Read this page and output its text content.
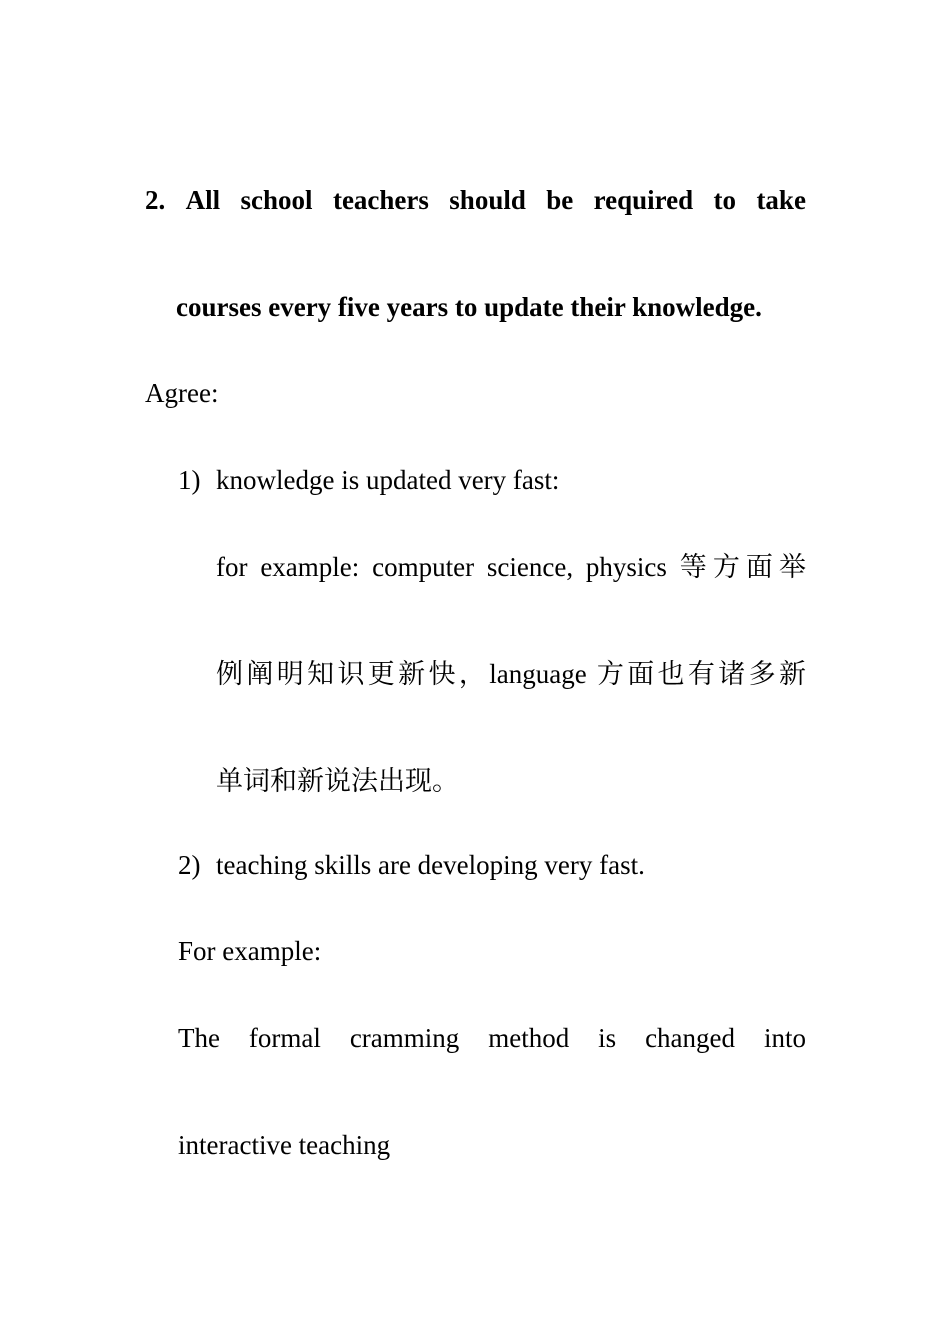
2. All school teachers should be required to take
courses every five years to update their knowledge.
Agree:
1) knowledge is updated very fast:
for example: computer science, physics 等方面举
例阐明知识更新快，language 方面也有诸多新
单词和新说法出现。
2) teaching skills are developing very fast.
For example:
The formal cramming method is changed into
interactive teaching
